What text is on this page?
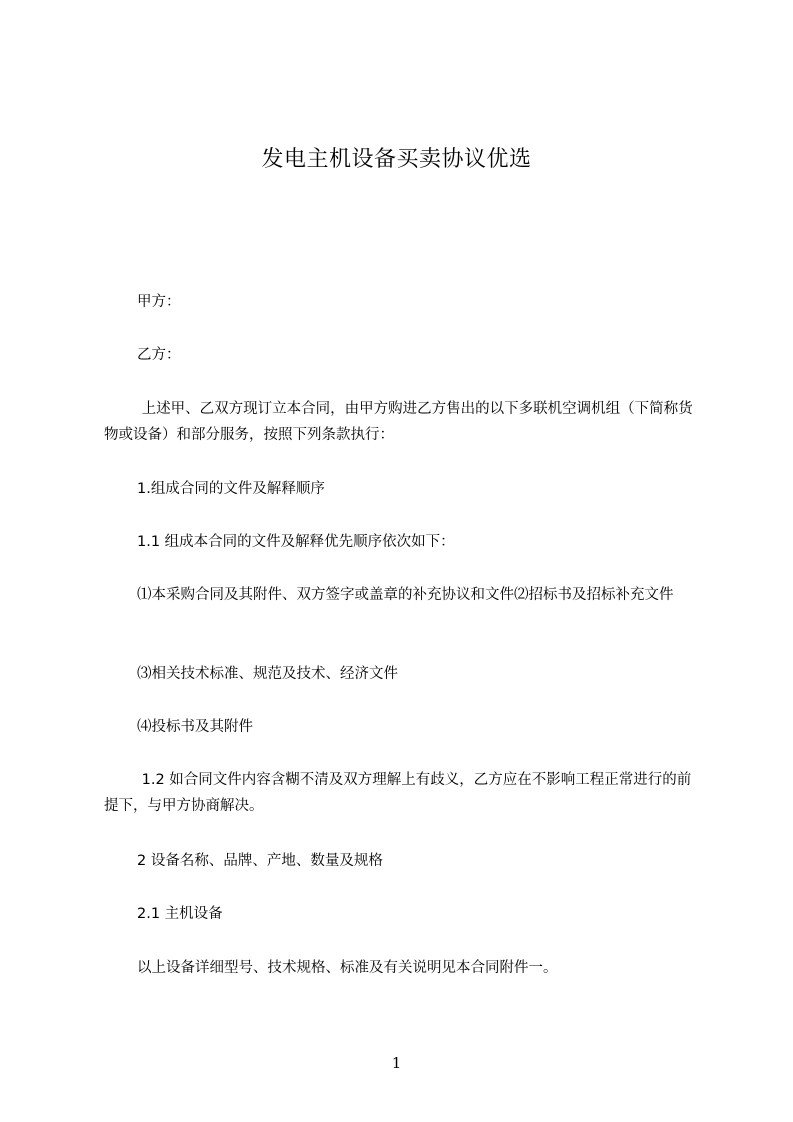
发电主机设备买卖协议优选
甲方：
乙方：
上述甲、乙双方现订立本合同，由甲方购进乙方售出的以下多联机空调机组（下简称货物或设备）和部分服务，按照下列条款执行：
1.组成合同的文件及解释顺序
1.1 组成本合同的文件及解释优先顺序依次如下：
⑴本采购合同及其附件、双方签字或盖章的补充协议和文件⑵招标书及招标补充文件
⑶相关技术标准、规范及技术、经济文件
⑷投标书及其附件
1.2 如合同文件内容含糊不清及双方理解上有歧义，乙方应在不影响工程正常进行的前提下，与甲方协商解决。
2 设备名称、品牌、产地、数量及规格
2.1 主机设备
以上设备详细型号、技术规格、标准及有关说明见本合同附件一。
1
